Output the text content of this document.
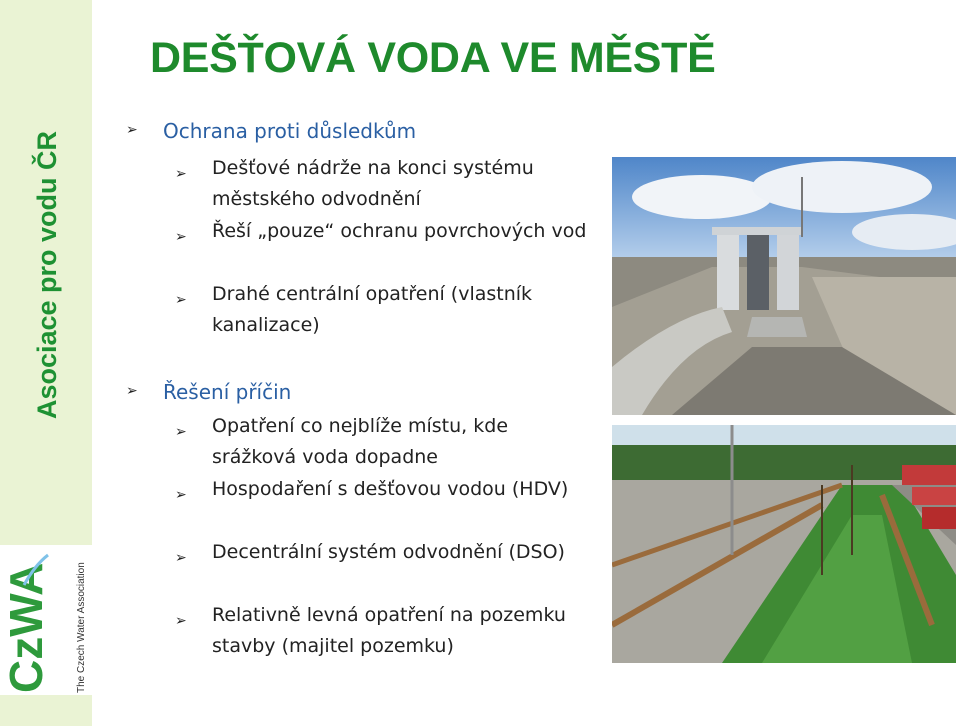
Asociace pro vodu ČR
CzWA The Czech Water Association
DEŠŤOVÁ VODA VE MĚSTĚ
➢ Ochrana proti důsledkům
➢ Dešťové nádrže na konci systému městského odvodnění
➢ Řeší „pouze“ ochranu povrchových vod
➢ Drahé centrální opatření (vlastník kanalizace)
➢ Řešení příčin
➢ Opatření co nejblíže místu, kde srážková voda dopadne
➢ Hospodaření s dešťovou vodou (HDV)
➢ Decentrální systém odvodnění (DSO)
➢ Relativně levná opatření na pozemku stavby (majitel pozemku)
